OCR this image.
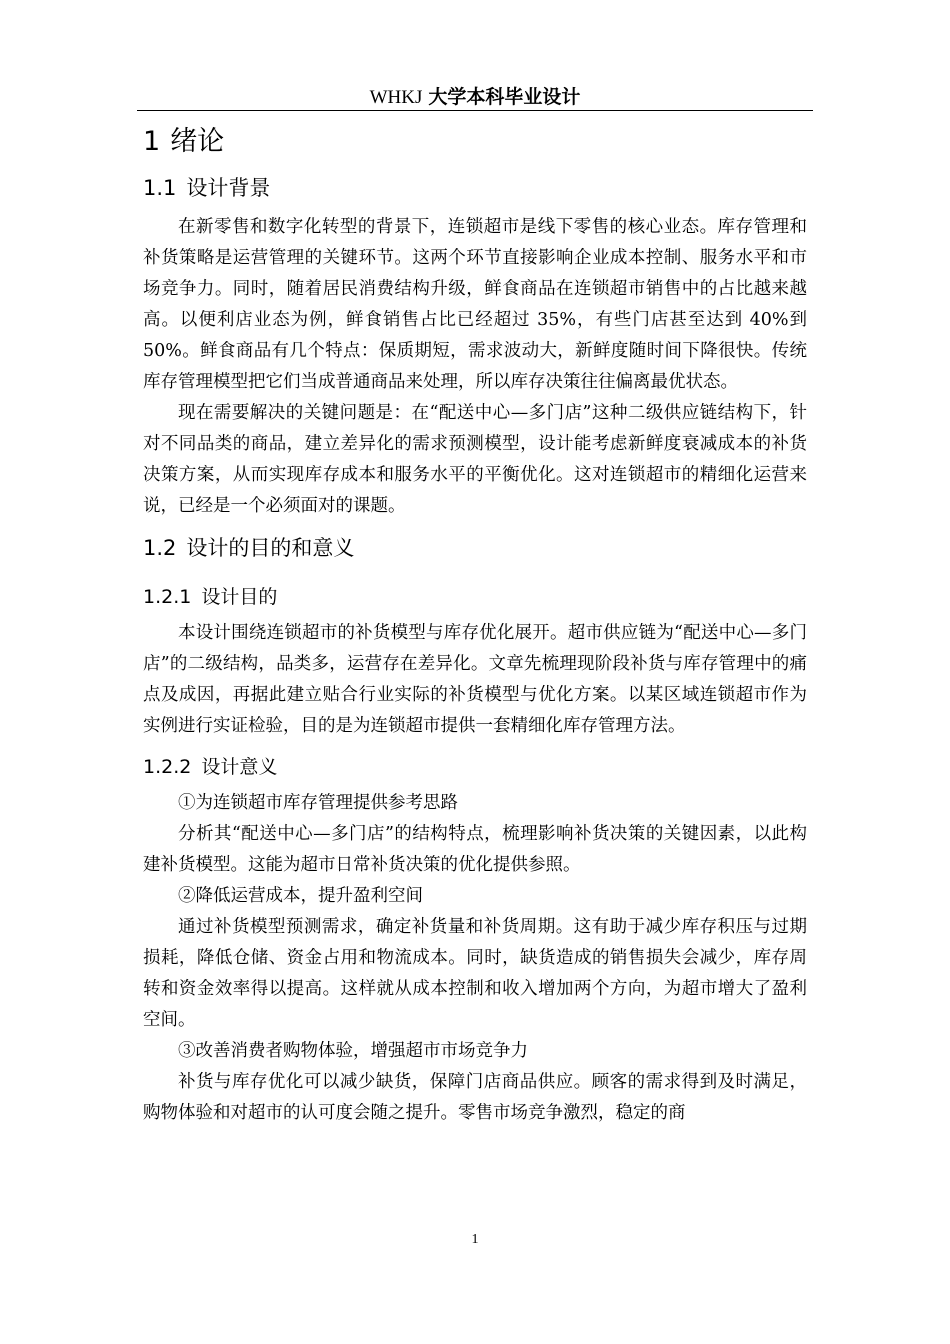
WHKJ 大学本科毕业设计
1 绪论
1.1 设计背景

在新零售和数字化转型的背景下，连锁超市是线下零售的核心业态。库存管理和补货策略是运营管理的关键环节。这两个环节直接影响企业成本控制、服务水平和市场竞争力。同时，随着居民消费结构升级，鲜食商品在连锁超市销售中的占比越来越高。以便利店业态为例，鲜食销售占比已经超过 35%，有些门店甚至达到 40%到 50%。鲜食商品有几个特点：保质期短，需求波动大，新鲜度随时间下降很快。传统库存管理模型把它们当成普通商品来处理，所以库存决策往往偏离最优状态。

现在需要解决的关键问题是：在“配送中心—多门店”这种二级供应链结构下，针对不同品类的商品，建立差异化的需求预测模型，设计能考虑新鲜度衰减成本的补货决策方案，从而实现库存成本和服务水平的平衡优化。这对连锁超市的精细化运营来说，已经是一个必须面对的课题。

1.2 设计的目的和意义
1.2.1 设计目的

本设计围绕连锁超市的补货模型与库存优化展开。超市供应链为“配送中心—多门店”的二级结构，品类多，运营存在差异化。文章先梳理现阶段补货与库存管理中的痛点及成因，再据此建立贴合行业实际的补货模型与优化方案。以某区域连锁超市作为实例进行实证检验，目的是为连锁超市提供一套精细化库存管理方法。

1.2.2 设计意义

①为连锁超市库存管理提供参考思路

分析其“配送中心—多门店”的结构特点，梳理影响补货决策的关键因素，以此构建补货模型。这能为超市日常补货决策的优化提供参照。

②降低运营成本，提升盈利空间

通过补货模型预测需求，确定补货量和补货周期。这有助于减少库存积压与过期损耗，降低仓储、资金占用和物流成本。同时，缺货造成的销售损失会减少，库存周转和资金效率得以提高。这样就从成本控制和收入增加两个方向，为超市增大了盈利空间。

③改善消费者购物体验，增强超市市场竞争力

补货与库存优化可以减少缺货，保障门店商品供应。顾客的需求得到及时满足，购物体验和对超市的认可度会随之提升。零售市场竞争激烈，稳定的商

1
